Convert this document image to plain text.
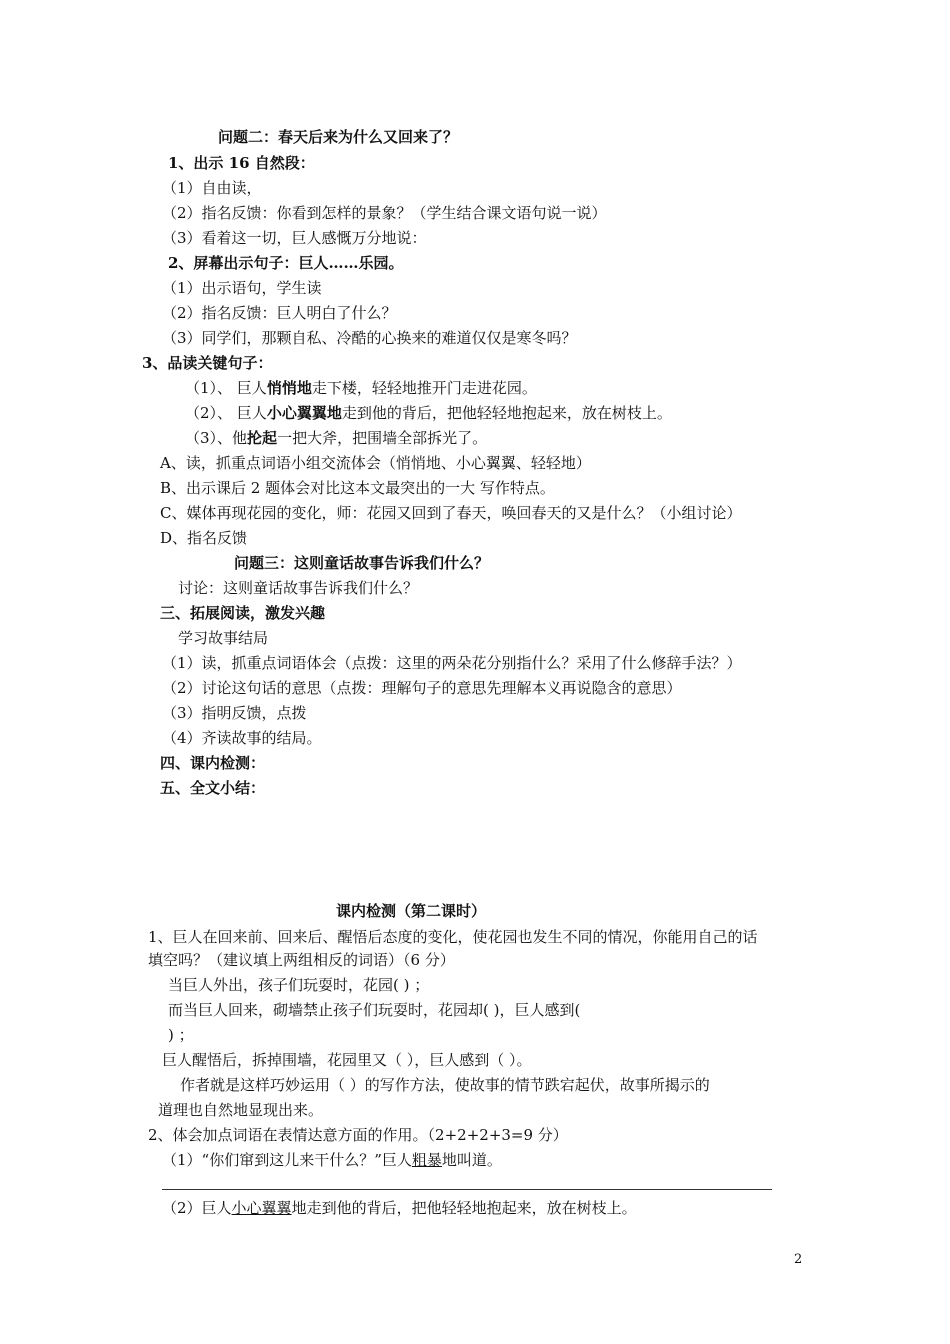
问题二：春天后来为什么又回来了？
1、出示 16 自然段：
（1）自由读，
（2）指名反馈：你看到怎样的景象？（学生结合课文语句说一说）
（3）看着这一切，巨人感慨万分地说：
2、屏幕出示句子：巨人……乐园。
（1）出示语句，学生读
（2）指名反馈：巨人明白了什么？
（3）同学们，那颗自私、冷酷的心换来的难道仅仅是寒冬吗？
3、品读关键句子：
（1）、 巨人悄悄地走下楼，轻轻地推开门走进花园。
（2）、 巨人小心翼翼地走到他的背后，把他轻轻地抱起来，放在树枝上。
（3）、他抡起一把大斧，把围墙全部拆光了。
A、读，抓重点词语小组交流体会（悄悄地、小心翼翼、轻轻地）
B、出示课后 2 题体会对比这本文最突出的一大 写作特点。
C、媒体再现花园的变化，师：花园又回到了春天，唤回春天的又是什么？（小组讨论）
D、指名反馈
问题三：这则童话故事告诉我们什么？
讨论：这则童话故事告诉我们什么？
三、拓展阅读，激发兴趣
学习故事结局
（1）读，抓重点词语体会（点拨：这里的两朵花分别指什么？采用了什么修辞手法？）
（2）讨论这句话的意思（点拨：理解句子的意思先理解本义再说隐含的意思）
（3）指明反馈，点拨
（4）齐读故事的结局。
四、课内检测：
五、全文小结：
课内检测（第二课时）
1、巨人在回来前、回来后、醒悟后态度的变化，使花园也发生不同的情况，你能用自己的话
填空吗？（建议填上两组相反的词语）（6 分）
当巨人外出，孩子们玩耍时，花园( ) ；
而当巨人回来，砌墙禁止孩子们玩耍时，花园却( )，巨人感到(
) ；
巨人醒悟后，拆掉围墙，花园里又（ ），巨人感到（ ）。
作者就是这样巧妙运用（ ）的写作方法，使故事的情节跌宕起伏，故事所揭示的
道理也自然地显现出来。
2、体会加点词语在表情达意方面的作用。（2+2+2+3=9 分）
（1）“你们窜到这儿来干什么？”巨人粗暴地叫道。
（2）巨人小心翼翼地走到他的背后，把他轻轻地抱起来，放在树枝上。
2
